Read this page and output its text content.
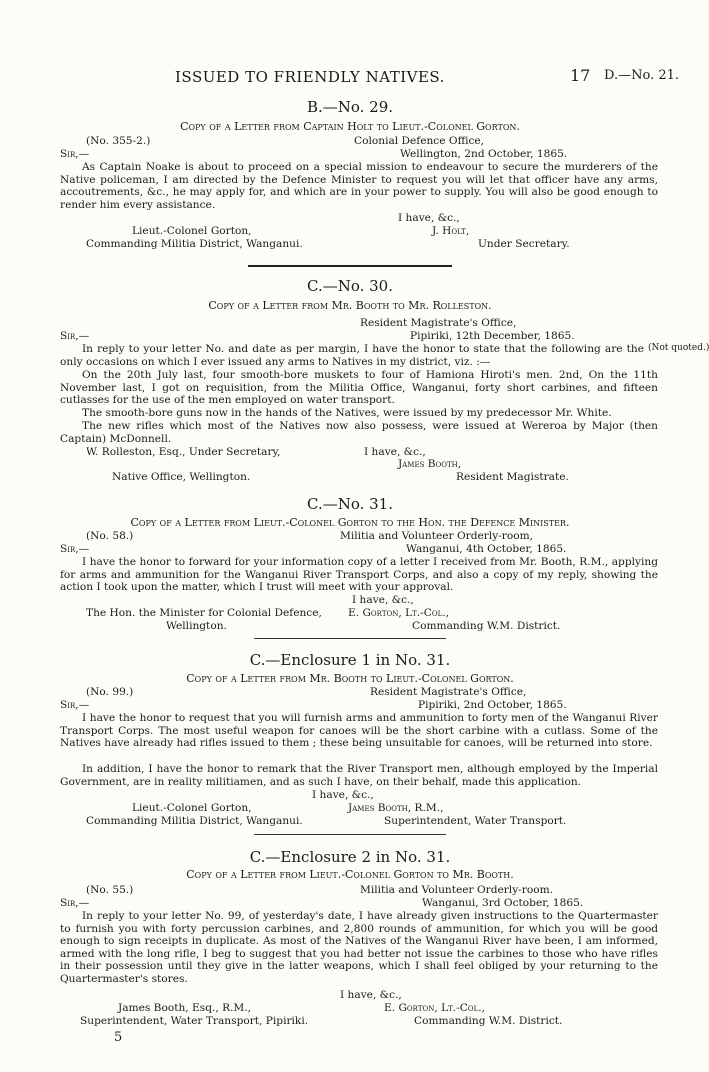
ISSUED TO FRIENDLY NATIVES.	17 D.—No. 21.
B.—No. 29.
Copy of a Letter from Captain Holt to Lieut.-Colonel Gorton.
(No. 355-2.)	Colonial Defence Office,
Sir,—	Wellington, 2nd October, 1865.
As Captain Noake is about to proceed on a special mission to endeavour to secure the murderers of the Native policeman, I am directed by the Defence Minister to request you will let that officer have any arms, accoutrements, &c., he may apply for, and which are in your power to supply. You will also be good enough to render him every assistance.
I have, &c.,
Lieut.-Colonel Gorton,	J. Holt,
Commanding Militia District, Wanganui.	Under Secretary.
C.—No. 30.
Copy of a Letter from Mr. Booth to Mr. Rolleston.
Resident Magistrate's Office,
Sir,—	Pipiriki, 12th December, 1865.
In reply to your letter No. and date as per margin, I have the honor to state that the following are the only occasions on which I ever issued any arms to Natives in my district, viz. :—
(Not quoted.)
On the 20th July last, four smooth-bore muskets to four of Hamiona Hiroti's men. 2nd, On the 11th November last, I got on requisition, from the Militia Office, Wanganui, forty short carbines, and fifteen cutlasses for the use of the men employed on water transport.
The smooth-bore guns now in the hands of the Natives, were issued by my predecessor Mr. White.
The new rifles which most of the Natives now also possess, were issued at Wereroa by Major (then Captain) McDonnell.
I have, &c.,
W. Rolleston, Esq., Under Secretary,
James Booth,
Native Office, Wellington.	Resident Magistrate.
C.—No. 31.
Copy of a Letter from Lieut.-Colonel Gorton to the Hon. the Defence Minister.
(No. 58.)	Militia and Volunteer Orderly-room,
Sir,—	Wanganui, 4th October, 1865.
I have the honor to forward for your information copy of a letter I received from Mr. Booth, R.M., applying for arms and ammunition for the Wanganui River Transport Corps, and also a copy of my reply, showing the action I took upon the matter, which I trust will meet with your approval.
I have, &c.,
The Hon. the Minister for Colonial Defence, E. Gorton, Lt.-Col.,
Wellington.	Commanding W.M. District.
C.—Enclosure 1 in No. 31.
Copy of a Letter from Mr. Booth to Lieut.-Colonel Gorton.
(No. 99.)	Resident Magistrate's Office,
Sir,—	Pipiriki, 2nd October, 1865.
I have the honor to request that you will furnish arms and ammunition to forty men of the Wanganui River Transport Corps. The most useful weapon for canoes will be the short carbine with a cutlass. Some of the Natives have already had rifles issued to them ; these being unsuitable for canoes, will be returned into store.
In addition, I have the honor to remark that the River Transport men, although employed by the Imperial Government, are in reality militiamen, and as such I have, on their behalf, made this application.
I have, &c.,
Lieut.-Colonel Gorton,	James Booth, R.M.,
Commanding Militia District, Wanganui.	Superintendent, Water Transport.
C.—Enclosure 2 in No. 31.
Copy of a Letter from Lieut.-Colonel Gorton to Mr. Booth.
(No. 55.)	Militia and Volunteer Orderly-room.
Sir,—	Wanganui, 3rd October, 1865.
In reply to your letter No. 99, of yesterday's date, I have already given instructions to the Quartermaster to furnish you with forty percussion carbines, and 2,800 rounds of ammunition, for which you will be good enough to sign receipts in duplicate. As most of the Natives of the Wanganui River have been, I am informed, armed with the long rifle, I beg to suggest that you had better not issue the carbines to those who have rifles in their possession until they give in the latter weapons, which I shall feel obliged by your returning to the Quartermaster's stores.
I have, &c.,
James Booth, Esq., R.M.,	E. Gorton, Lt.-Col.,
Superintendent, Water Transport, Pipiriki.	Commanding W.M. District.
5
